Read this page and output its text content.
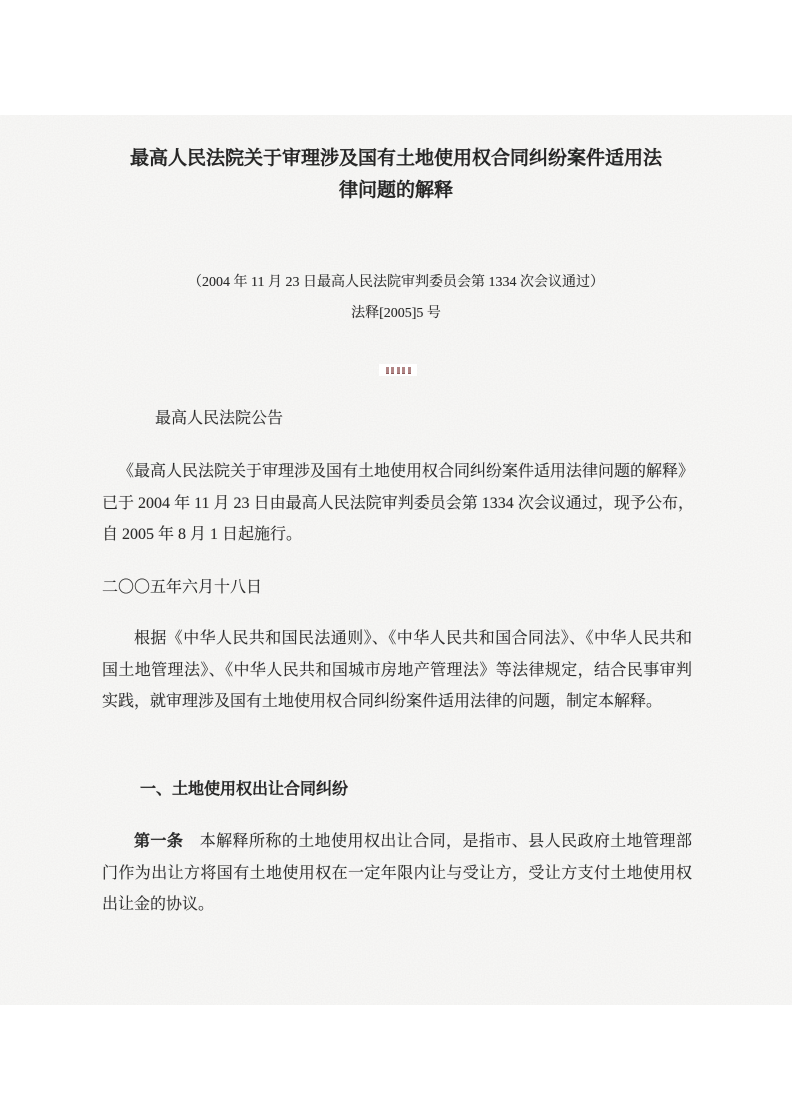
最高人民法院关于审理涉及国有土地使用权合同纠纷案件适用法
律问题的解释

（2004 年 11 月 23 日最高人民法院审判委员会第 1334 次会议通过）

法释[2005]5 号

最高人民法院公告

《最高人民法院关于审理涉及国有土地使用权合同纠纷案件适用法律问题的解释》已于 2004 年 11 月 23 日由最高人民法院审判委员会第 1334 次会议通过，现予公布，自 2005 年 8 月 1 日起施行。

二〇〇五年六月十八日

根据《中华人民共和国民法通则》、《中华人民共和国合同法》、《中华人民共和国土地管理法》、《中华人民共和国城市房地产管理法》等法律规定，结合民事审判实践，就审理涉及国有土地使用权合同纠纷案件适用法律的问题，制定本解释。

一、土地使用权出让合同纠纷

第一条　本解释所称的土地使用权出让合同，是指市、县人民政府土地管理部门作为出让方将国有土地使用权在一定年限内让与受让方，受让方支付土地使用权出让金的协议。
